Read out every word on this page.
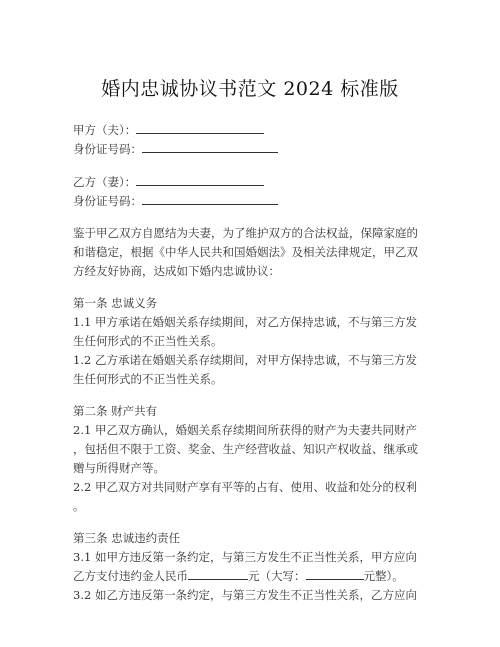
婚内忠诚协议书范文 2024 标准版
甲方（夫）：
身份证号码：
乙方（妻）：
身份证号码：
鉴于甲乙双方自愿结为夫妻，为了维护双方的合法权益，保障家庭的
和谐稳定，根据《中华人民共和国婚姻法》及相关法律规定，甲乙双
方经友好协商，达成如下婚内忠诚协议：
第一条 忠诚义务
1.1 甲方承诺在婚姻关系存续期间，对乙方保持忠诚，不与第三方发
生任何形式的不正当性关系。
1.2 乙方承诺在婚姻关系存续期间，对甲方保持忠诚，不与第三方发
生任何形式的不正当性关系。
第二条 财产共有
2.1 甲乙双方确认，婚姻关系存续期间所获得的财产为夫妻共同财产
，包括但不限于工资、奖金、生产经营收益、知识产权收益、继承或
赠与所得财产等。
2.2 甲乙双方对共同财产享有平等的占有、使用、收益和处分的权利
。
第三条 忠诚违约责任
3.1 如甲方违反第一条约定，与第三方发生不正当性关系，甲方应向
乙方支付违约金人民币	元（大写：	元整）。
3.2 如乙方违反第一条约定，与第三方发生不正当性关系，乙方应向
